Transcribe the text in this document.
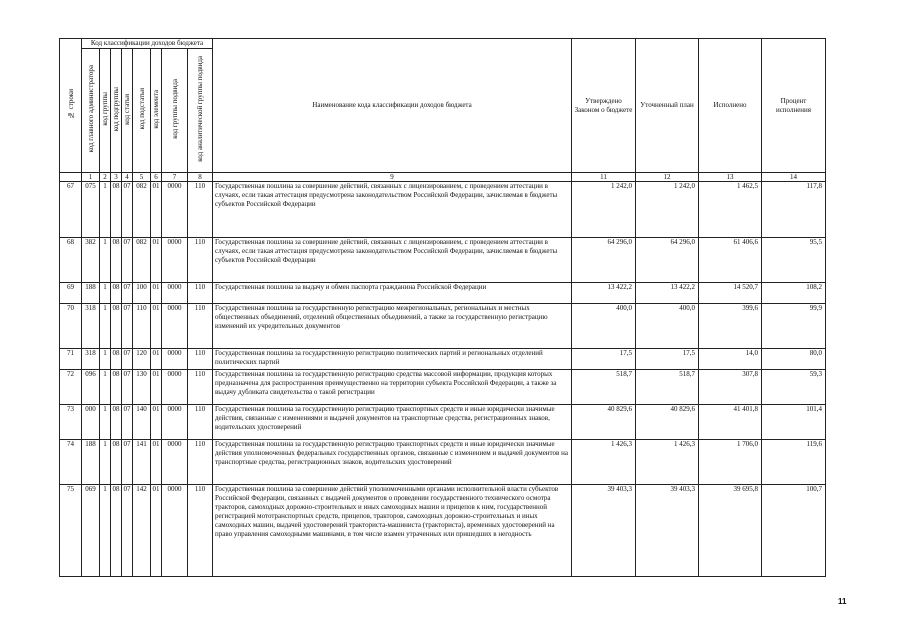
№ строки	Код классификации доходов бюджета								Наименование кода классификации доходов бюджета	Утверждено Законом о бюджете	Уточненный план	Исполнено	Процент исполнения
	код главного администратора	код группы	код подгруппы	код статьи	код подстатьи	код элемента	код группы подвида	код аналитической группы подвида					
	1	2	3	4	5	6	7	8	9	11	12	13	14
67	075	1	08	07	082	01	0000	110	Государственная пошлина за совершение действий, связанных с лицензированием, с проведением аттестации в случаях, если такая аттестация предусмотрена законодательством Российской Федерации, зачисляемая в бюджеты субъектов Российской Федерации	1 242,0	1 242,0	1 462,5	117,8
68	382	1	08	07	082	01	0000	110	Государственная пошлина за совершение действий, связанных с лицензированием, с проведением аттестации в случаях, если такая аттестация предусмотрена законодательством Российской Федерации, зачисляемая в бюджеты субъектов Российской Федерации	64 296,0	64 296,0	61 406,6	95,5
69	188	1	08	07	100	01	0000	110	Государственная пошлина за выдачу и обмен паспорта гражданина Российской Федерации	13 422,2	13 422,2	14 520,7	108,2
70	318	1	08	07	110	01	0000	110	Государственная пошлина за государственную регистрацию межрегиональных, региональных и местных общественных объединений, отделений общественных объединений, а также за государственную регистрацию изменений их учредительных документов	400,0	400,0	399,6	99,9
71	318	1	08	07	120	01	0000	110	Государственная пошлина за государственную регистрацию политических партий и региональных отделений политических партий	17,5	17,5	14,0	80,0
72	096	1	08	07	130	01	0000	110	Государственная пошлина за государственную регистрацию средства массовой информации, продукция которых предназначена для распространения преимущественно на территории субъекта Российской Федерации, а также за выдачу дубликата свидетельства о такой регистрации	518,7	518,7	307,8	59,3
73	000	1	08	07	140	01	0000	110	Государственная пошлина за государственную регистрацию транспортных средств и иные юридически значимые действия, связанные с изменениями и выдачей документов на транспортные средства, регистрационных знаков, водительских удостоверений	40 829,6	40 829,6	41 401,8	101,4
74	188	1	08	07	141	01	0000	110	Государственная пошлина за государственную регистрацию транспортных средств и иные юридически значимые действия уполномоченных федеральных государственных органов, связанные с изменением и выдачей документов на транспортные средства, регистрационных знаков, водительских удостоверений	1 426,3	1 426,3	1 706,0	119,6
75	069	1	08	07	142	01	0000	110	Государственная пошлина за совершение действий уполномоченными органами исполнительной власти субъектов Российской Федерации, связанных с выдачей документов о проведении государственного технического осмотра тракторов, самоходных дорожно-строительных и иных самоходных машин и прицепов к ним, государственной регистрацией мототранспортных средств, прицепов, тракторов, самоходных дорожно-строительных и иных самоходных машин, выдачей удостоверений тракториста-машиниста (тракториста), временных удостоверений на право управления самоходными машинами, в том числе взамен утраченных или пришедших в негодность	39 403,3	39 403,3	39 695,8	100,7
11
